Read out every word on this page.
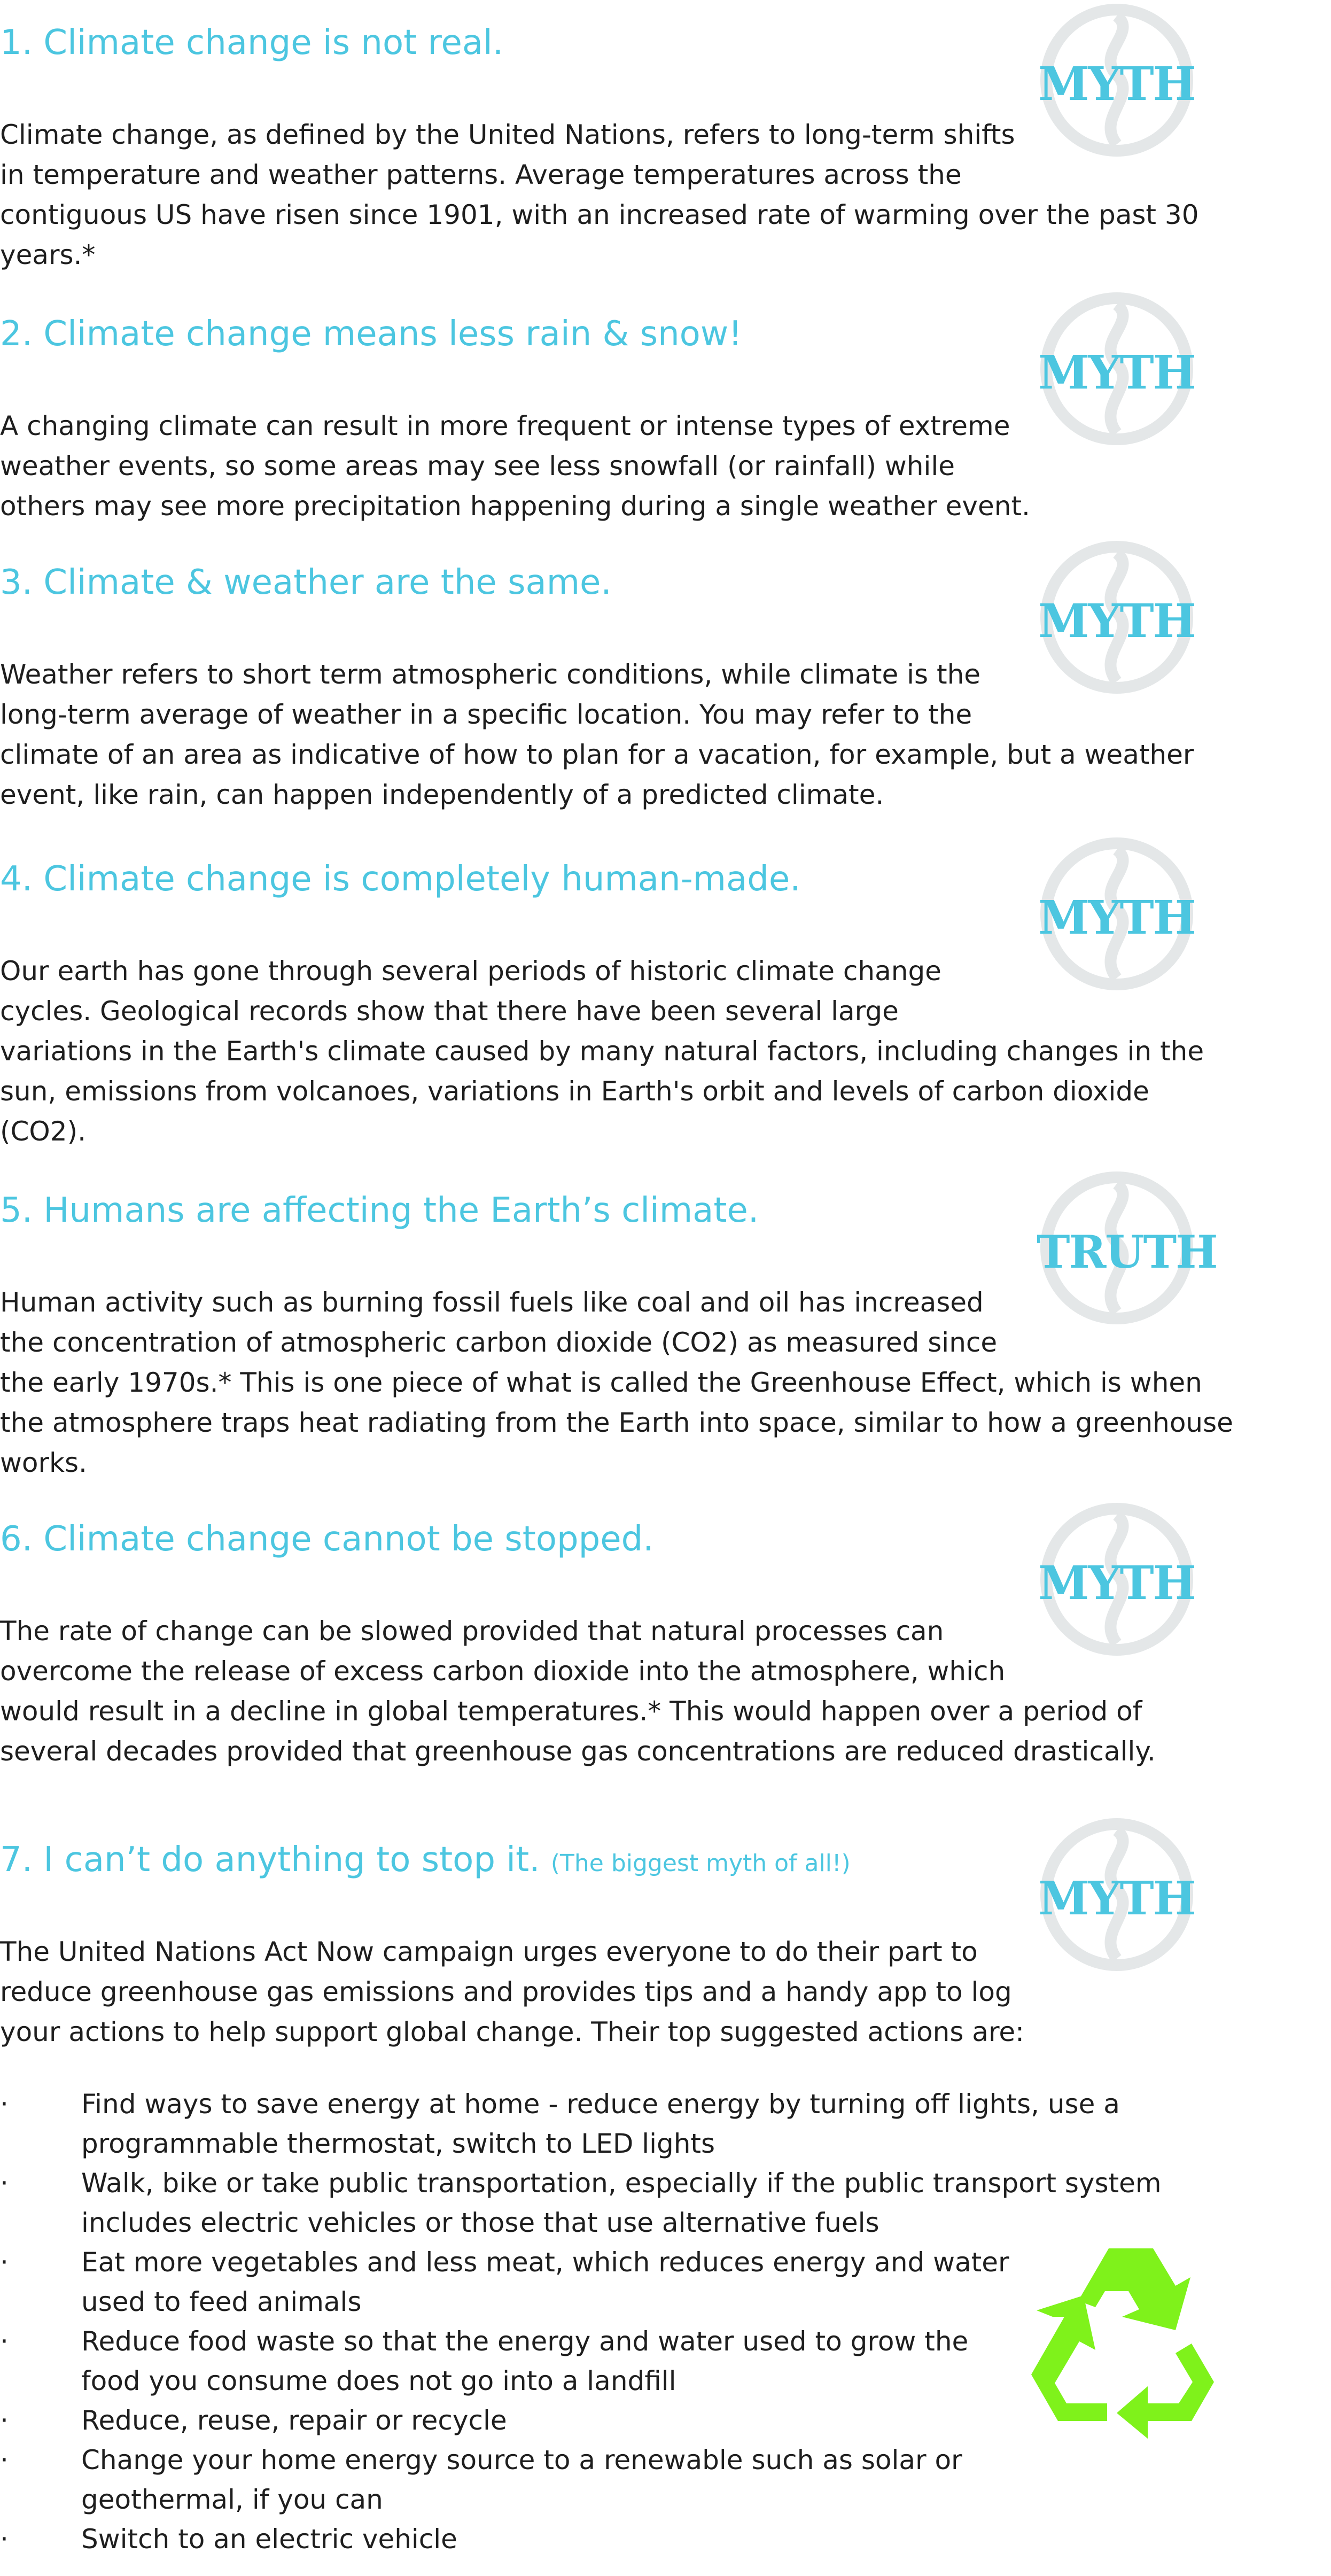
1. Climate change is not real.
Climate change, as defined by the United Nations, refers to long-term shifts
in temperature and weather patterns. Average temperatures across the
contiguous US have risen since 1901, with an increased rate of warming over the past 30
years.*
MYTH
2. Climate change means less rain & snow!
A changing climate can result in more frequent or intense types of extreme
weather events, so some areas may see less snowfall (or rainfall) while
others may see more precipitation happening during a single weather event.
MYTH
3. Climate & weather are the same.
Weather refers to short term atmospheric conditions, while climate is the
long-term average of weather in a specific location. You may refer to the
climate of an area as indicative of how to plan for a vacation, for example, but a weather
event, like rain, can happen independently of a predicted climate.
MYTH
4. Climate change is completely human-made.
Our earth has gone through several periods of historic climate change
cycles. Geological records show that there have been several large
variations in the Earth's climate caused by many natural factors, including changes in the
sun, emissions from volcanoes, variations in Earth's orbit and levels of carbon dioxide
(CO2).
MYTH
5. Humans are affecting the Earth’s climate.
Human activity such as burning fossil fuels like coal and oil has increased
the concentration of atmospheric carbon dioxide (CO2) as measured since
the early 1970s.* This is one piece of what is called the Greenhouse Effect, which is when
the atmosphere traps heat radiating from the Earth into space, similar to how a greenhouse
works.
TRUTH
6. Climate change cannot be stopped.
The rate of change can be slowed provided that natural processes can
overcome the release of excess carbon dioxide into the atmosphere, which
would result in a decline in global temperatures.* This would happen over a period of
several decades provided that greenhouse gas concentrations are reduced drastically.
MYTH
7. I can’t do anything to stop it. (The biggest myth of all!)
The United Nations Act Now campaign urges everyone to do their part to
reduce greenhouse gas emissions and provides tips and a handy app to log
your actions to help support global change. Their top suggested actions are:
MYTH
·	Find ways to save energy at home - reduce energy by turning off lights, use a
programmable thermostat, switch to LED lights
·	Walk, bike or take public transportation, especially if the public transport system
includes electric vehicles or those that use alternative fuels
·	Eat more vegetables and less meat, which reduces energy and water
used to feed animals
·	Reduce food waste so that the energy and water used to grow the
food you consume does not go into a landfill
·	Reduce, reuse, repair or recycle
·	Change your home energy source to a renewable such as solar or
geothermal, if you can
·	Switch to an electric vehicle
